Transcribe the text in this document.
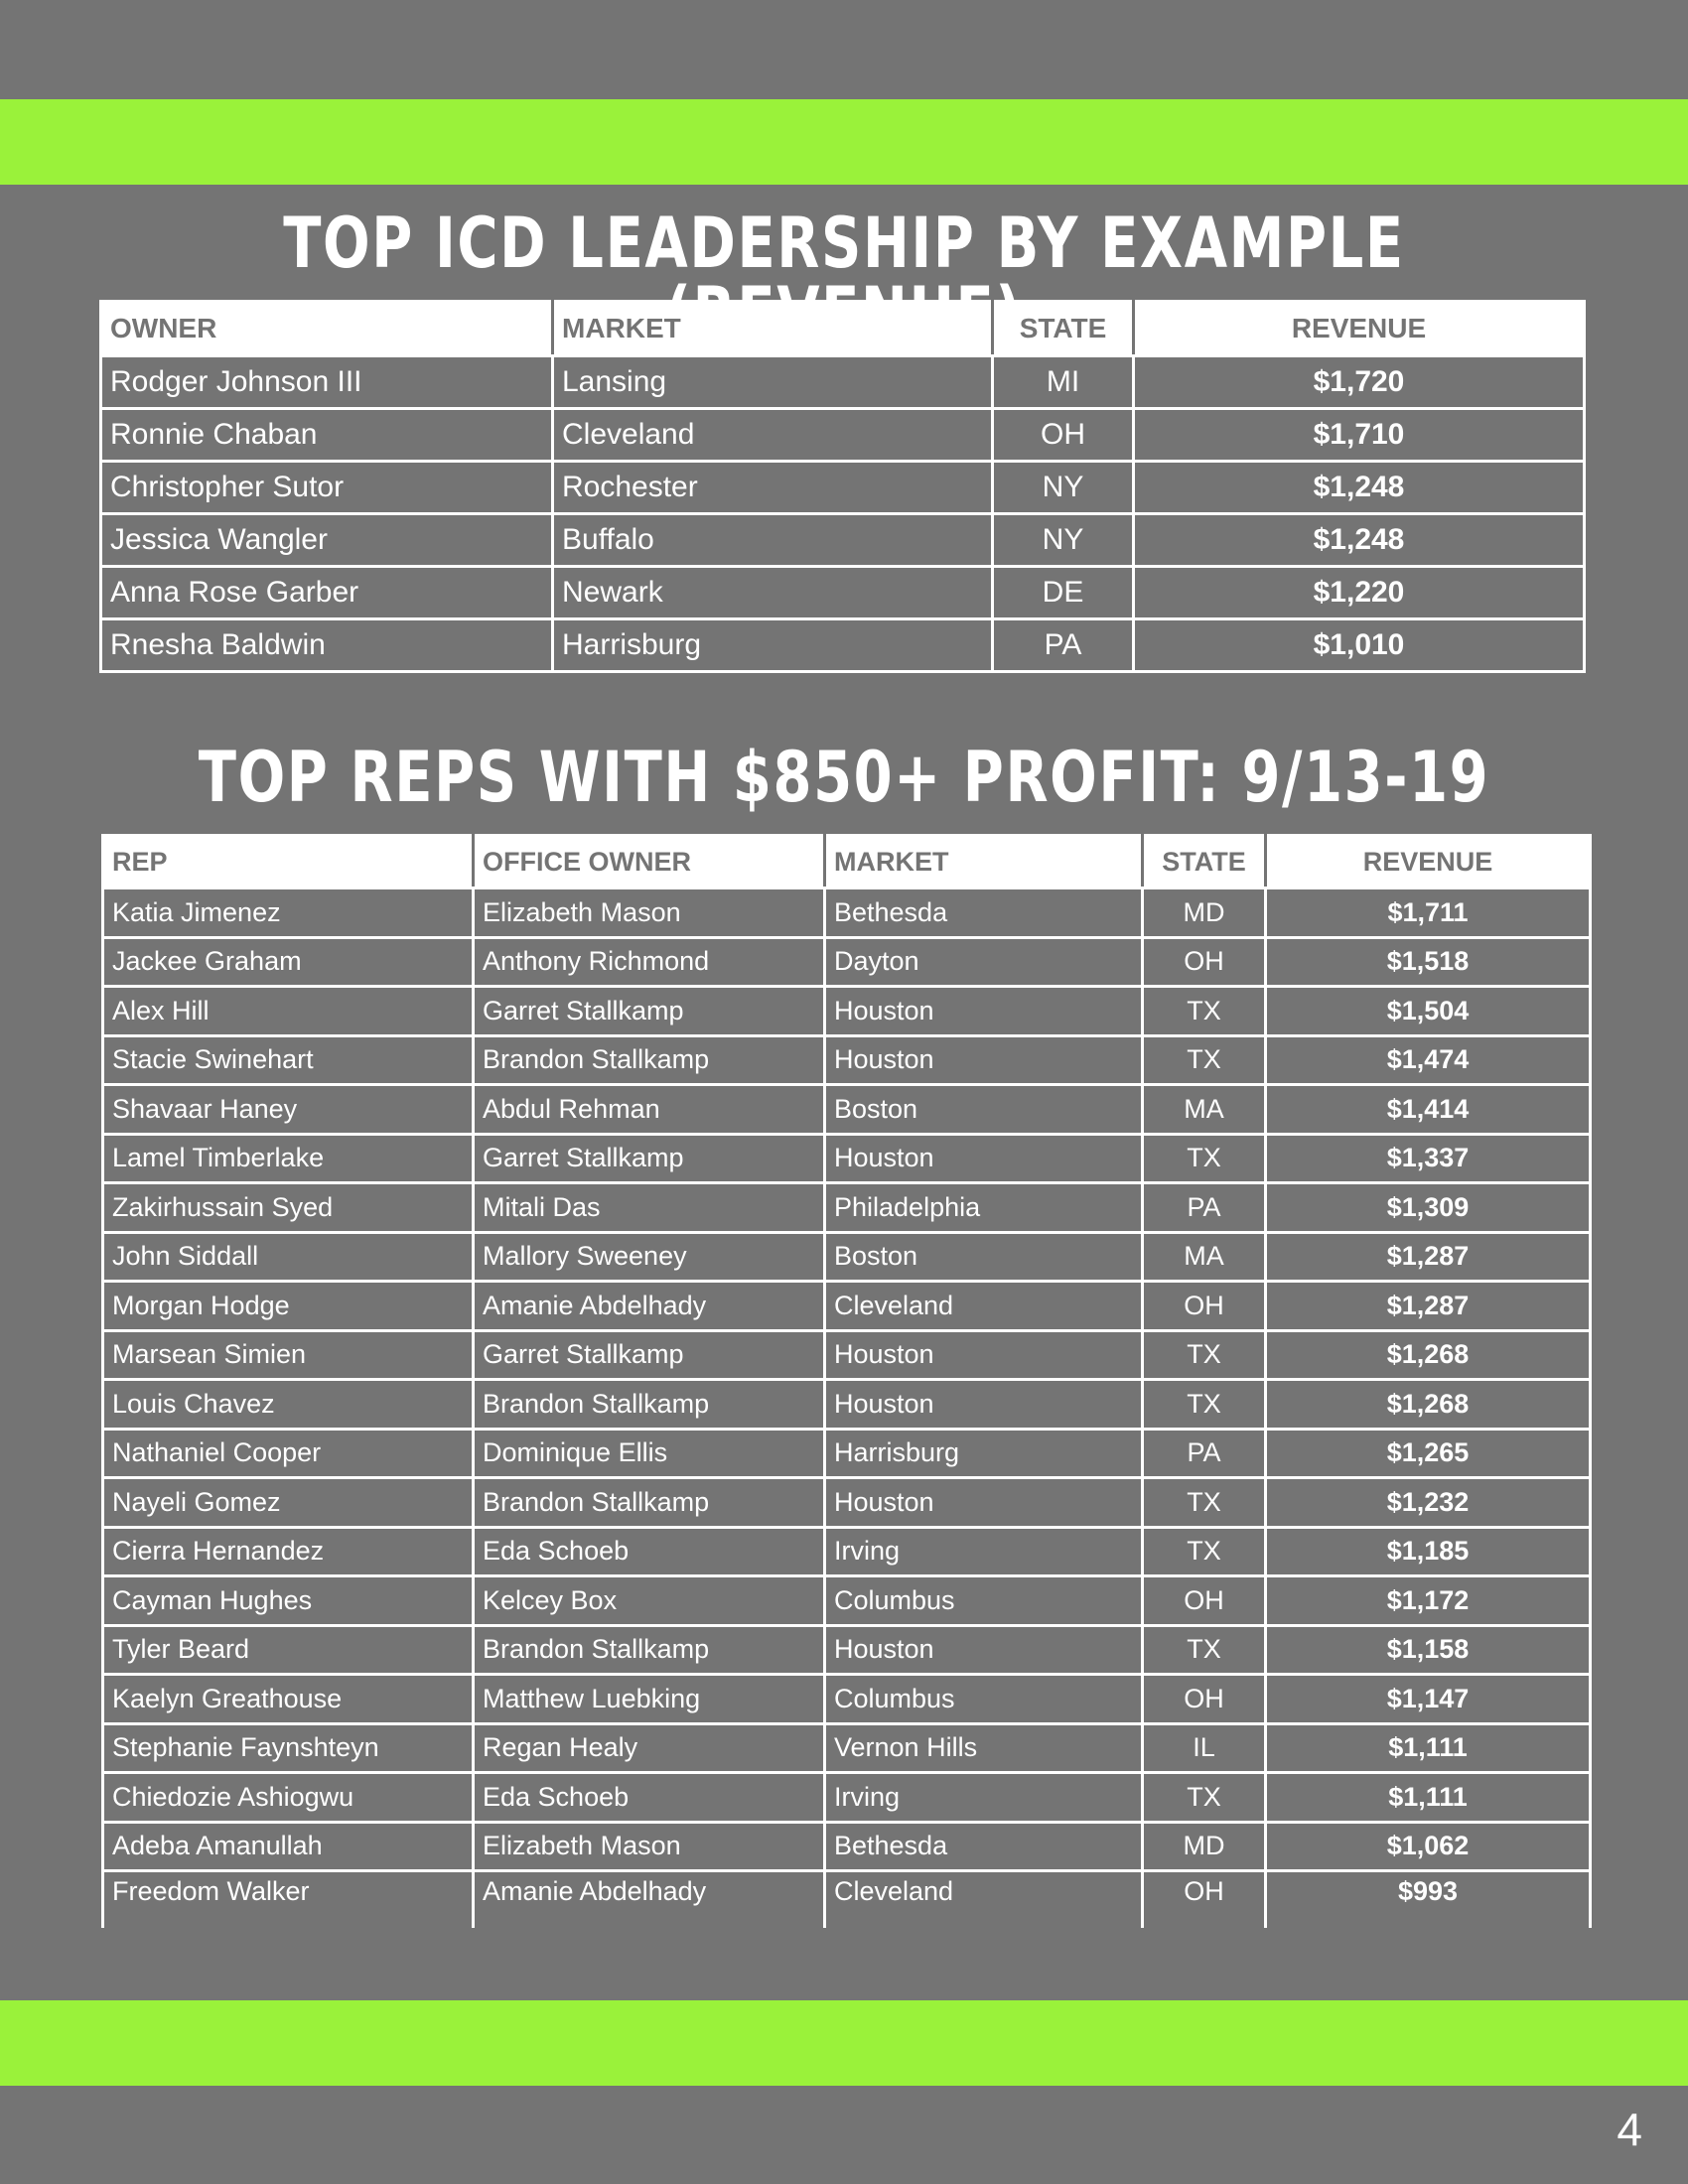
TOP ICD LEADERSHIP BY EXAMPLE
OWNER	MARKET	STATE	REVENUE
Rodger Johnson III	Lansing	MI	$1,720
Ronnie Chaban	Cleveland	OH	$1,710
Christopher Sutor	Rochester	NY	$1,248
Jessica Wangler	Buffalo	NY	$1,248
Anna Rose Garber	Newark	DE	$1,220
Rnesha Baldwin	Harrisburg	PA	$1,010
TOP REPS WITH $850+ PROFIT: 9/13-19
REP	OFFICE OWNER	MARKET	STATE	REVENUE
Katia Jimenez	Elizabeth Mason	Bethesda	MD	$1,711
Jackee Graham	Anthony Richmond	Dayton	OH	$1,518
Alex Hill	Garret Stallkamp	Houston	TX	$1,504
Stacie Swinehart	Brandon Stallkamp	Houston	TX	$1,474
Shavaar Haney	Abdul Rehman	Boston	MA	$1,414
Lamel Timberlake	Garret Stallkamp	Houston	TX	$1,337
Zakirhussain Syed	Mitali Das	Philadelphia	PA	$1,309
John Siddall	Mallory Sweeney	Boston	MA	$1,287
Morgan Hodge	Amanie Abdelhady	Cleveland	OH	$1,287
Marsean Simien	Garret Stallkamp	Houston	TX	$1,268
Louis Chavez	Brandon Stallkamp	Houston	TX	$1,268
Nathaniel Cooper	Dominique Ellis	Harrisburg	PA	$1,265
Nayeli Gomez	Brandon Stallkamp	Houston	TX	$1,232
Cierra Hernandez	Eda Schoeb	Irving	TX	$1,185
Cayman Hughes	Kelcey Box	Columbus	OH	$1,172
Tyler Beard	Brandon Stallkamp	Houston	TX	$1,158
Kaelyn Greathouse	Matthew Luebking	Columbus	OH	$1,147
Stephanie Faynshteyn	Regan Healy	Vernon Hills	IL	$1,111
Chiedozie Ashiogwu	Eda Schoeb	Irving	TX	$1,111
Adeba Amanullah	Elizabeth Mason	Bethesda	MD	$1,062
Freedom Walker	Amanie Abdelhady	Cleveland	OH	$993
4
